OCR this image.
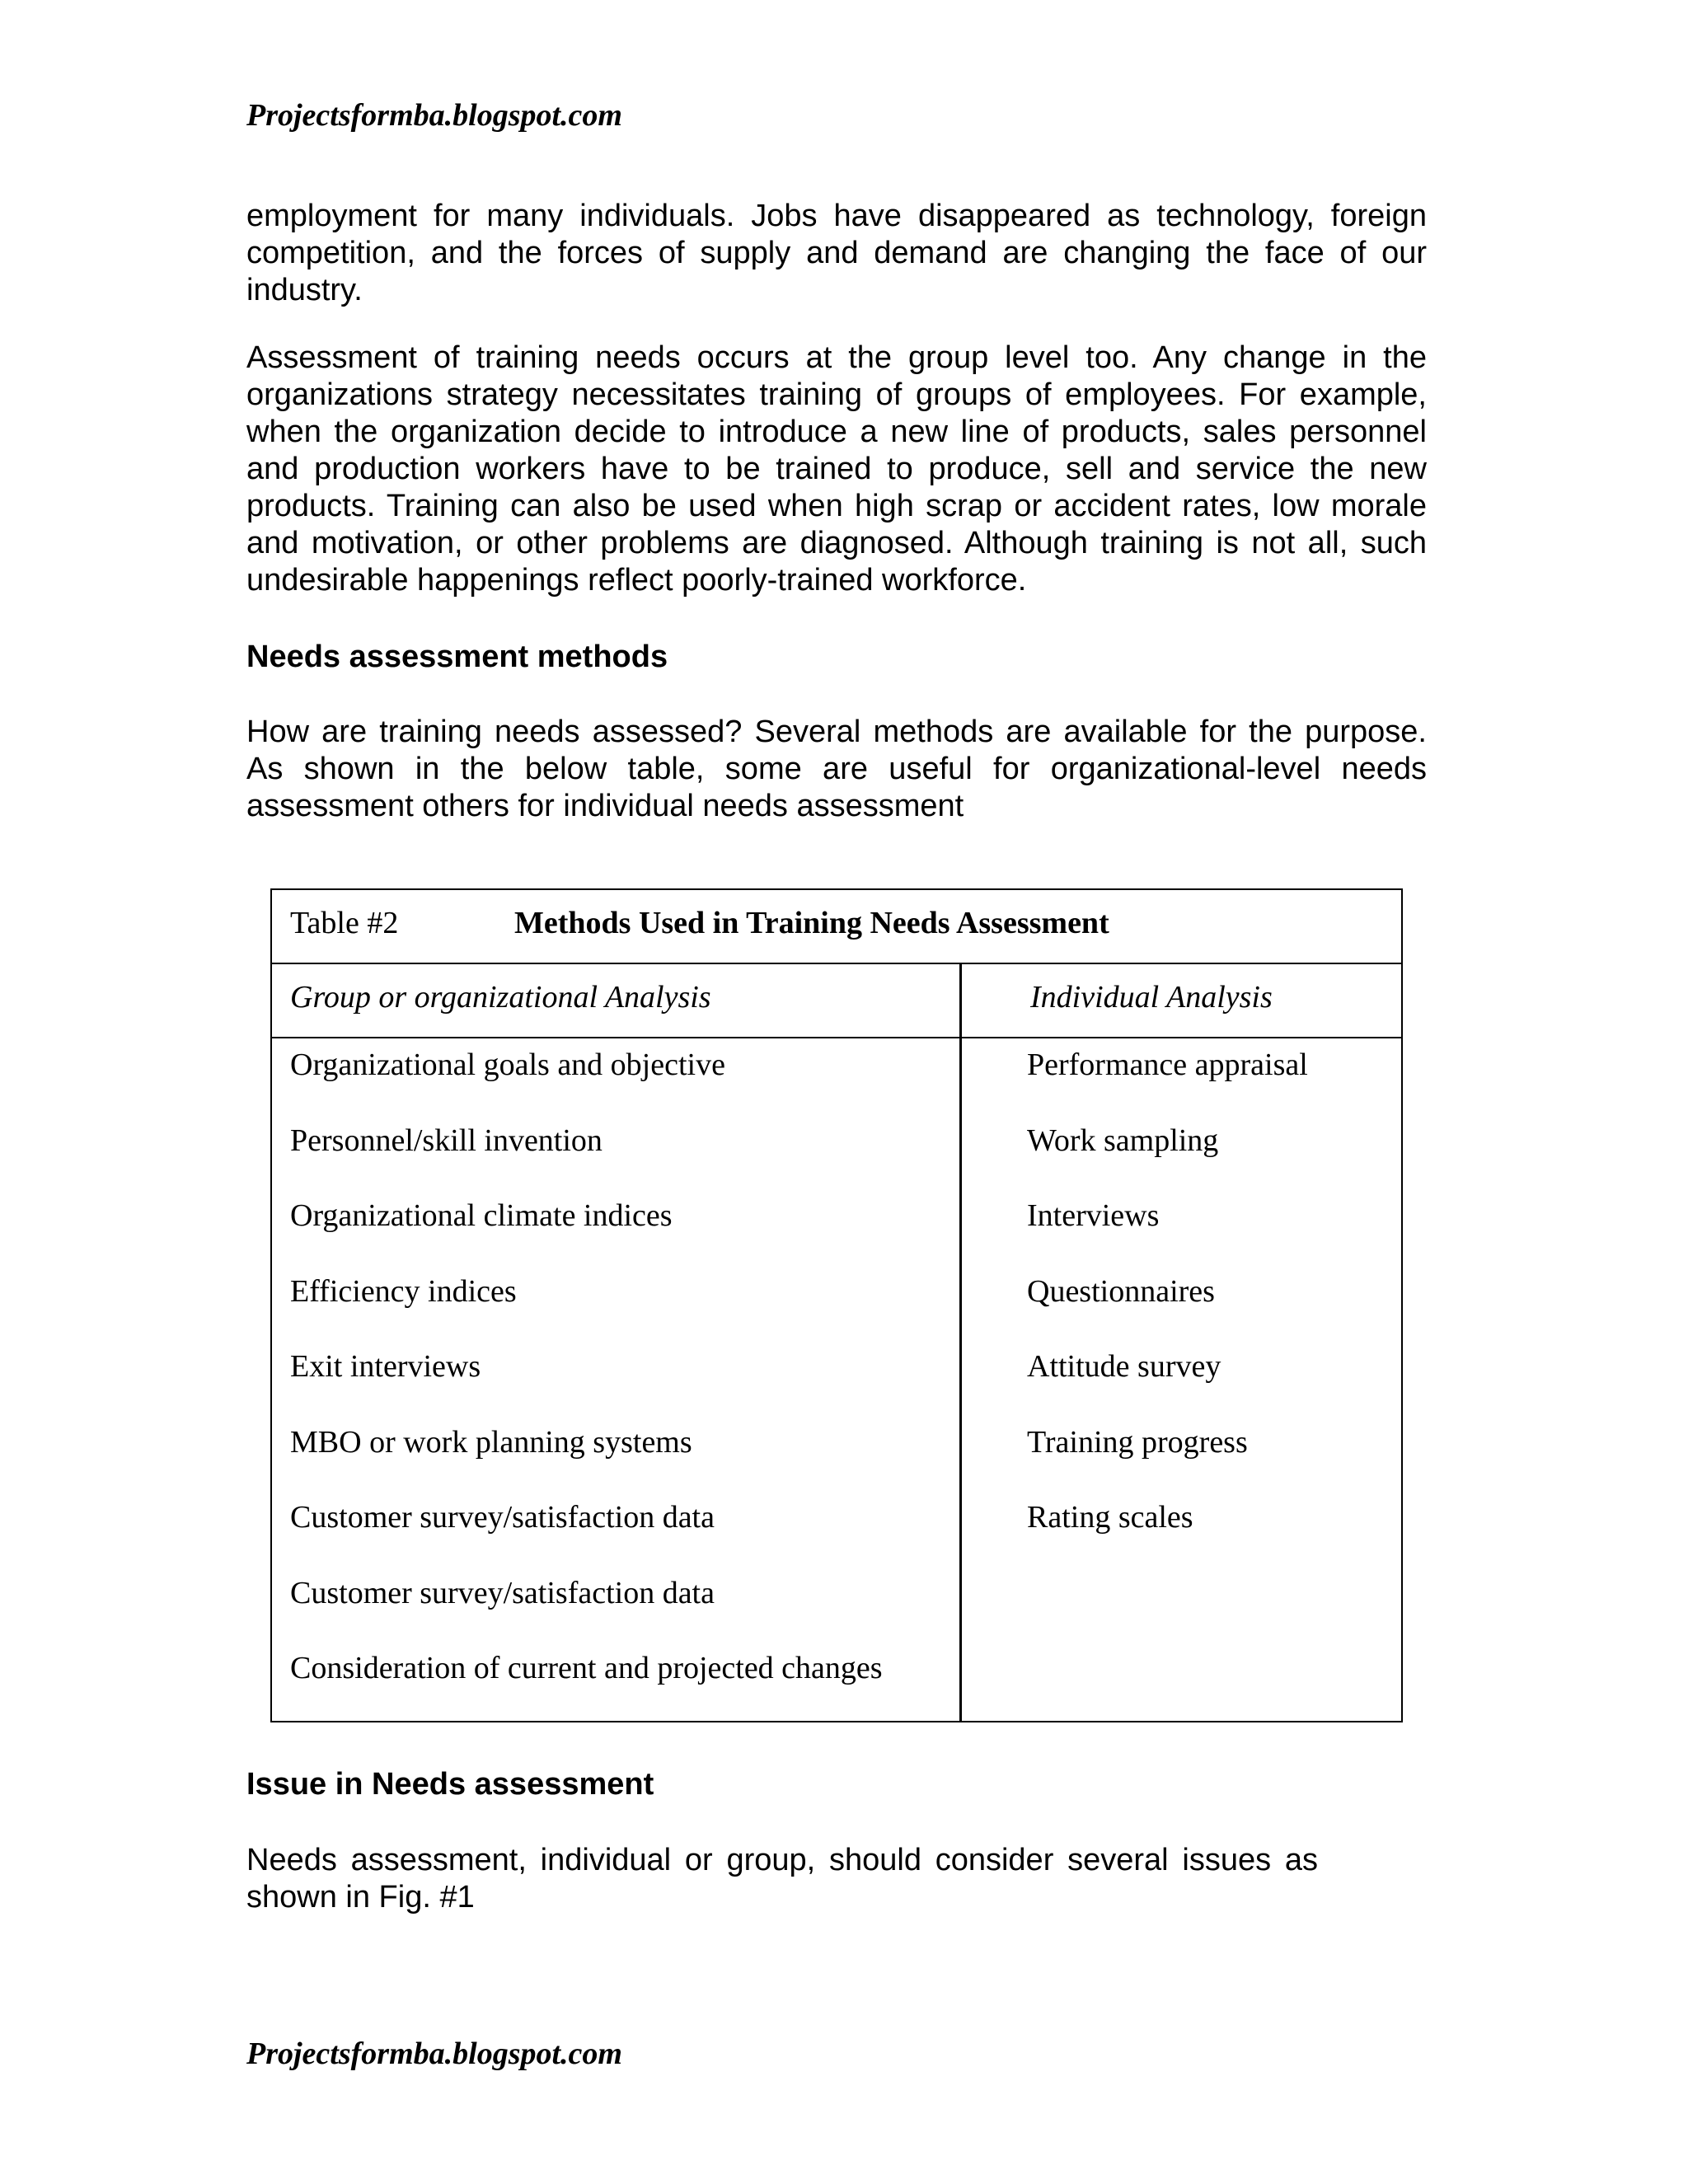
Projectsformba.blogspot.com

employment for many individuals. Jobs have disappeared as technology, foreign competition, and the forces of supply and demand are changing the face of our industry.

Assessment of training needs occurs at the group level too. Any change in the organizations strategy necessitates training of groups of employees. For example, when the organization decide to introduce a new line of products, sales personnel and production workers have to be trained to produce, sell and service the new products. Training can also be used when high scrap or accident rates, low morale and motivation, or other problems are diagnosed. Although training is not all, such undesirable happenings reflect poorly-trained workforce.

Needs assessment methods

How are training needs assessed? Several methods are available for the purpose. As shown in the below table, some are useful for organizational-level needs assessment others for individual needs assessment

Table #2	Methods Used in Training Needs Assessment
Group or organizational Analysis	Individual Analysis
Organizational goals and objective
Personnel/skill invention
Organizational climate indices
Efficiency indices
Exit interviews
MBO or work planning systems
Customer survey/satisfaction data
Customer survey/satisfaction data
Consideration of current and projected changes
Performance appraisal
Work sampling
Interviews
Questionnaires
Attitude survey
Training progress
Rating scales
Issue in Needs assessment

Needs assessment, individual or group, should consider several issues as shown in Fig. #1

Projectsformba.blogspot.com
